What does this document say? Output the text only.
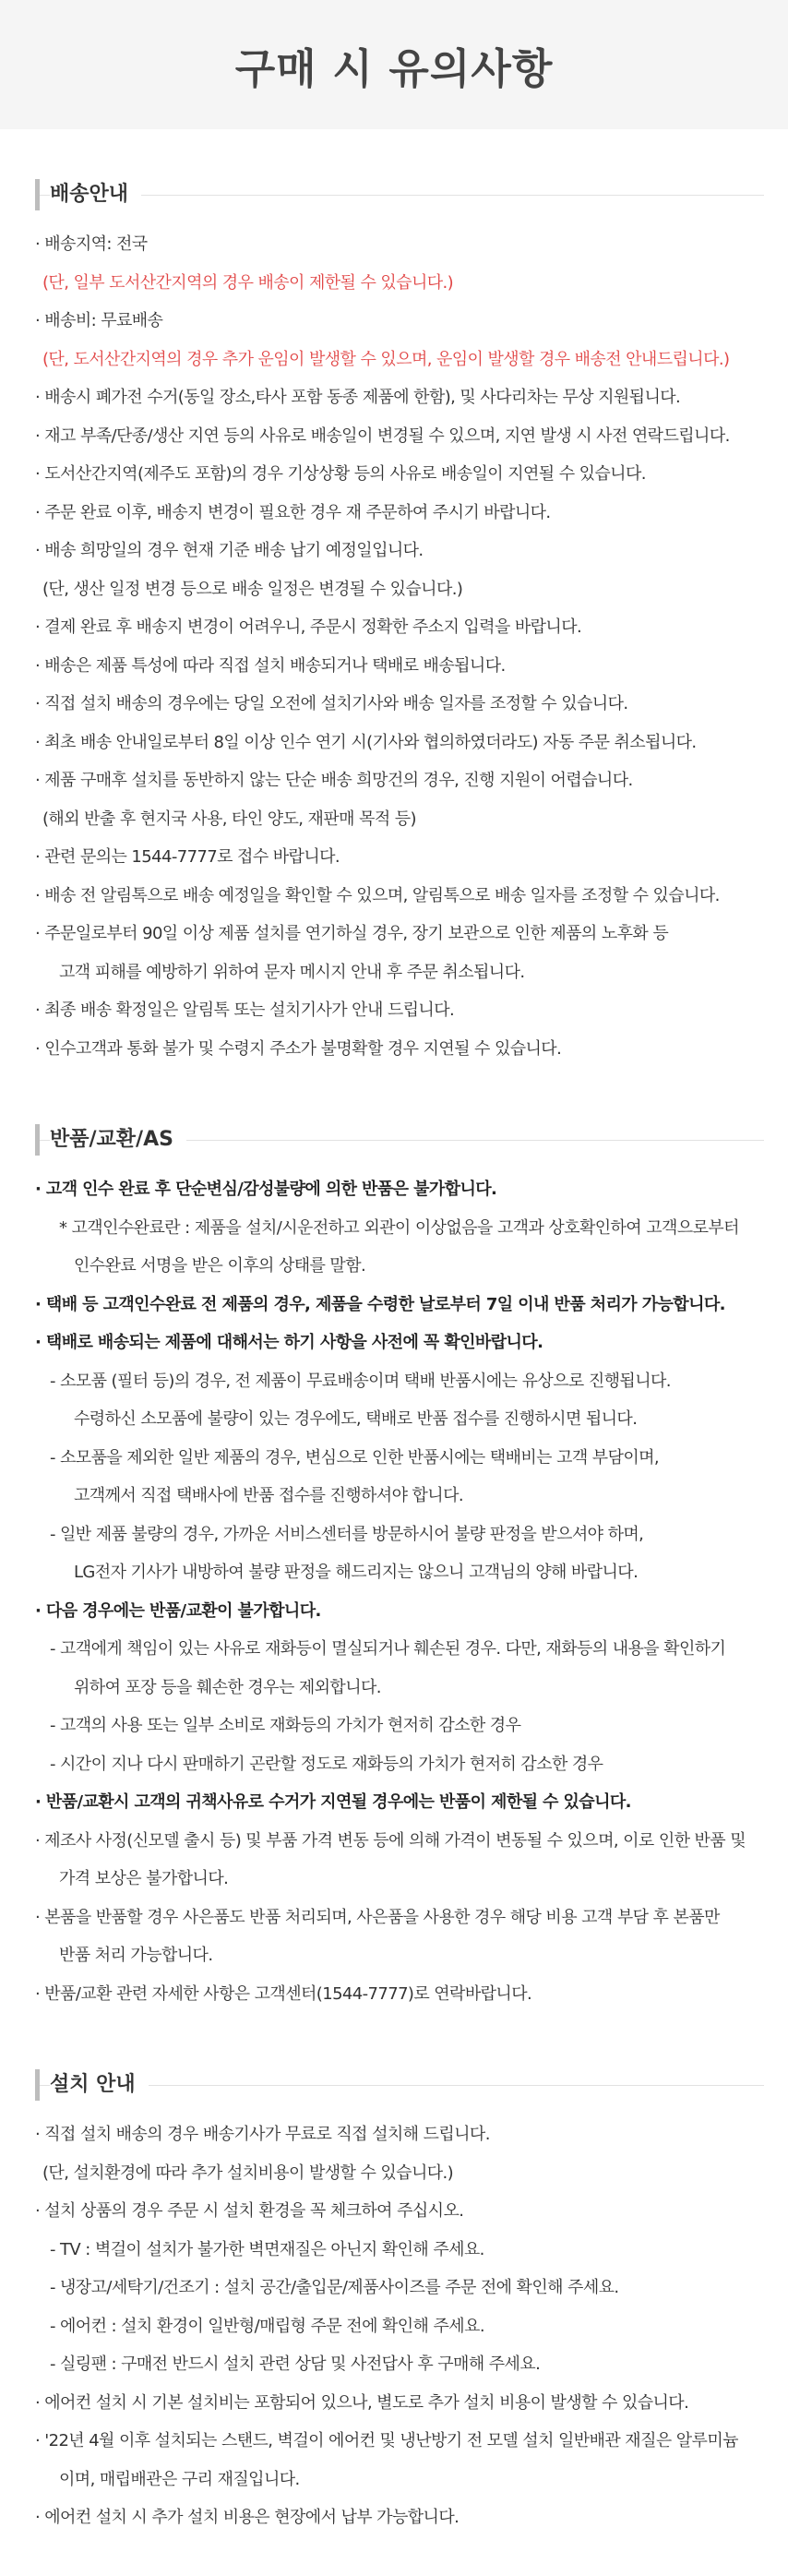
구매 시 유의사항
배송안내
· 배송지역: 전국
(단, 일부 도서산간지역의 경우 배송이 제한될 수 있습니다.)
· 배송비: 무료배송
(단, 도서산간지역의 경우 추가 운임이 발생할 수 있으며, 운임이 발생할 경우 배송전 안내드립니다.)
· 배송시 폐가전 수거(동일 장소,타사 포함 동종 제품에 한함), 및 사다리차는 무상 지원됩니다.
· 재고 부족/단종/생산 지연 등의 사유로 배송일이 변경될 수 있으며, 지연 발생 시 사전 연락드립니다.
· 도서산간지역(제주도 포함)의 경우 기상상황 등의 사유로 배송일이 지연될 수 있습니다.
· 주문 완료 이후, 배송지 변경이 필요한 경우 재 주문하여 주시기 바랍니다.
· 배송 희망일의 경우 현재 기준 배송 납기 예정일입니다.
(단, 생산 일정 변경 등으로 배송 일정은 변경될 수 있습니다.)
· 결제 완료 후 배송지 변경이 어려우니, 주문시 정확한 주소지 입력을 바랍니다.
· 배송은 제품 특성에 따라 직접 설치 배송되거나 택배로 배송됩니다.
· 직접 설치 배송의 경우에는 당일 오전에 설치기사와 배송 일자를 조정할 수 있습니다.
· 최초 배송 안내일로부터 8일 이상 인수 연기 시(기사와 협의하였더라도) 자동 주문 취소됩니다.
· 제품 구매후 설치를 동반하지 않는 단순 배송 희망건의 경우, 진행 지원이 어렵습니다.
(해외 반출 후 현지국 사용, 타인 양도, 재판매 목적 등)
· 관련 문의는 1544-7777로 접수 바랍니다.
· 배송 전 알림톡으로 배송 예정일을 확인할 수 있으며, 알림톡으로 배송 일자를 조정할 수 있습니다.
· 주문일로부터 90일 이상 제품 설치를 연기하실 경우, 장기 보관으로 인한 제품의 노후화 등
고객 피해를 예방하기 위하여 문자 메시지 안내 후 주문 취소됩니다.
· 최종 배송 확정일은 알림톡 또는 설치기사가 안내 드립니다.
· 인수고객과 통화 불가 및 수령지 주소가 불명확할 경우 지연될 수 있습니다.
반품/교환/AS
· 고객 인수 완료 후 단순변심/감성불량에 의한 반품은 불가합니다.
* 고객인수완료란 : 제품을 설치/시운전하고 외관이 이상없음을 고객과 상호확인하여 고객으로부터
인수완료 서명을 받은 이후의 상태를 말함.
· 택배 등 고객인수완료 전 제품의 경우, 제품을 수령한 날로부터 7일 이내 반품 처리가 가능합니다.
· 택배로 배송되는 제품에 대해서는 하기 사항을 사전에 꼭 확인바랍니다.
- 소모품 (필터 등)의 경우, 전 제품이 무료배송이며 택배 반품시에는 유상으로 진행됩니다.
수령하신 소모품에 불량이 있는 경우에도, 택배로 반품 접수를 진행하시면 됩니다.
- 소모품을 제외한 일반 제품의 경우, 변심으로 인한 반품시에는 택배비는 고객 부담이며,
고객께서 직접 택배사에 반품 접수를 진행하셔야 합니다.
- 일반 제품 불량의 경우, 가까운 서비스센터를 방문하시어 불량 판정을 받으셔야 하며,
LG전자 기사가 내방하여 불량 판정을 해드리지는 않으니 고객님의 양해 바랍니다.
· 다음 경우에는 반품/교환이 불가합니다.
- 고객에게 책임이 있는 사유로 재화등이 멸실되거나 훼손된 경우. 다만, 재화등의 내용을 확인하기
위하여 포장 등을 훼손한 경우는 제외합니다.
- 고객의 사용 또는 일부 소비로 재화등의 가치가 현저히 감소한 경우
- 시간이 지나 다시 판매하기 곤란할 정도로 재화등의 가치가 현저히 감소한 경우
· 반품/교환시 고객의 귀책사유로 수거가 지연될 경우에는 반품이 제한될 수 있습니다.
· 제조사 사정(신모델 출시 등) 및 부품 가격 변동 등에 의해 가격이 변동될 수 있으며, 이로 인한 반품 및
가격 보상은 불가합니다.
· 본품을 반품할 경우 사은품도 반품 처리되며, 사은품을 사용한 경우 해당 비용 고객 부담 후 본품만
반품 처리 가능합니다.
· 반품/교환 관련 자세한 사항은 고객센터(1544-7777)로 연락바랍니다.
설치 안내
· 직접 설치 배송의 경우 배송기사가 무료로 직접 설치해 드립니다.
(단, 설치환경에 따라 추가 설치비용이 발생할 수 있습니다.)
· 설치 상품의 경우 주문 시 설치 환경을 꼭 체크하여 주십시오.
- TV : 벽걸이 설치가 불가한 벽면재질은 아닌지 확인해 주세요.
- 냉장고/세탁기/건조기 : 설치 공간/출입문/제품사이즈를 주문 전에 확인해 주세요.
- 에어컨 : 설치 환경이 일반형/매립형 주문 전에 확인해 주세요.
- 실링팬 : 구매전 반드시 설치 관련 상담 및 사전답사 후 구매해 주세요.
· 에어컨 설치 시 기본 설치비는 포함되어 있으나, 별도로 추가 설치 비용이 발생할 수 있습니다.
· '22년 4월 이후 설치되는 스탠드, 벽걸이 에어컨 및 냉난방기 전 모델 설치 일반배관 재질은 알루미늄
이며, 매립배관은 구리 재질입니다.
· 에어컨 설치 시 추가 설치 비용은 현장에서 납부 가능합니다.
